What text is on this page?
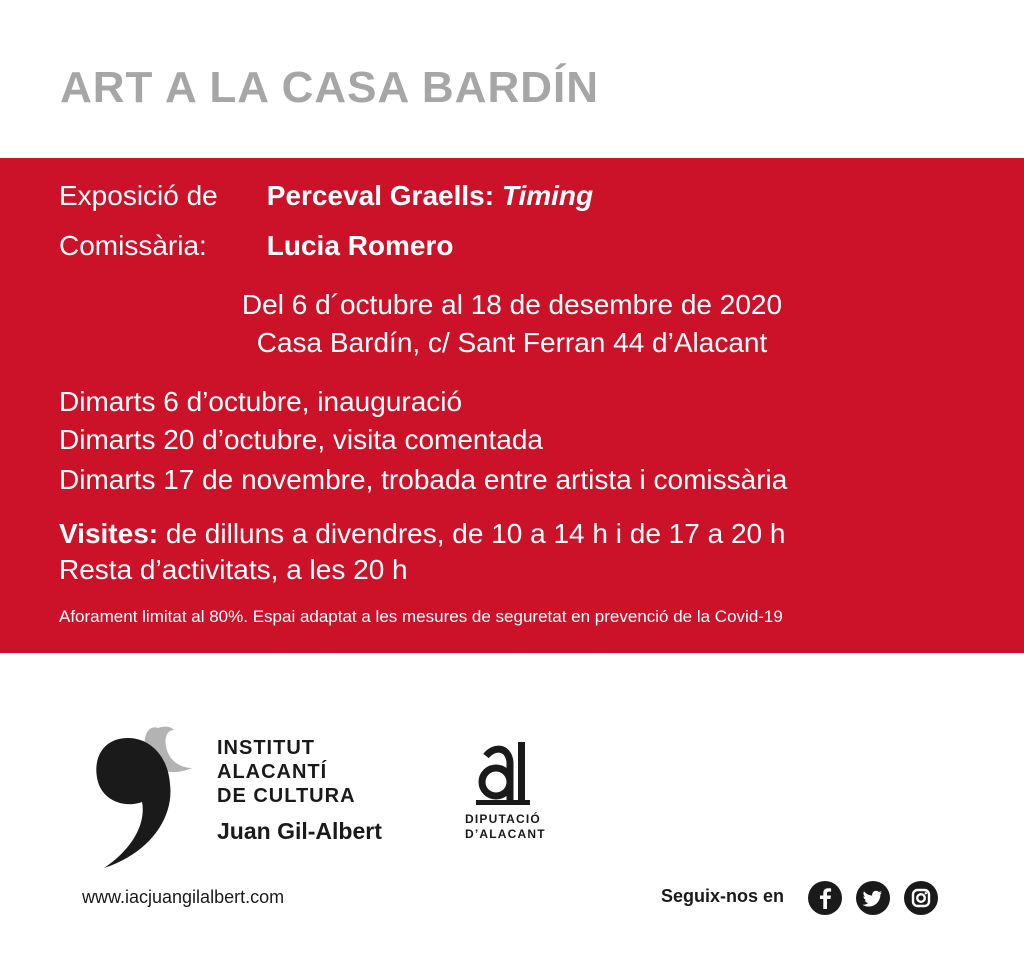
ART A LA CASA BARDÍN
Exposició de Perceval Graells: Timing
Comissària: Lucia Romero
Del 6 d´octubre al 18 de desembre de 2020
Casa Bardín, c/ Sant Ferran 44 d’Alacant
Dimarts 6 d’octubre, inauguració
Dimarts 20 d’octubre, visita comentada
Dimarts 17 de novembre, trobada entre artista i comissària
Visites: de dilluns a divendres, de 10 a 14 h i de 17 a 20 h
Resta d’activitats, a les 20 h
Aforament limitat al 80%. Espai adaptat a les mesures de seguretat en prevenció de la Covid-19
INSTITUT
ALACANTÍ
DE CULTURA
Juan Gil-Albert	DIPUTACIÓ
D’ALACANT
www.iacjuangilalbert.com	Seguix-nos en
